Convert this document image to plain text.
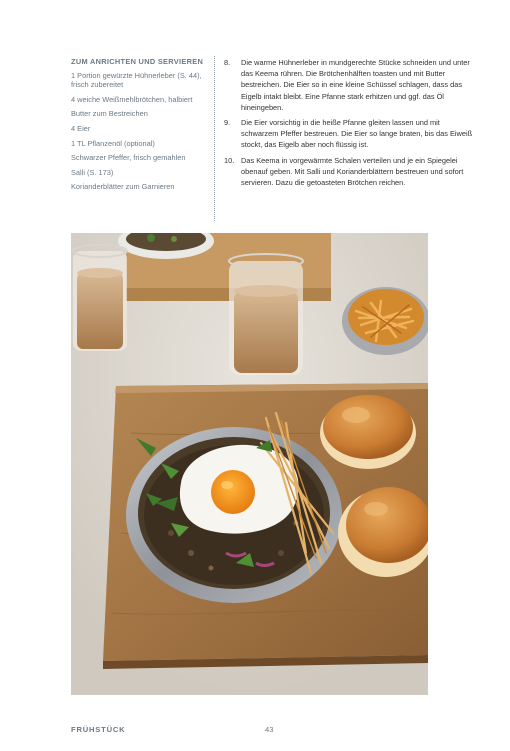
ZUM ANRICHTEN UND SERVIEREN
1 Portion gewürzte Hühnerleber (S. 44), frisch zubereitet
4 weiche Weißmehlbrötchen, halbiert
Butter zum Bestreichen
4 Eier
1 TL Pflanzenöl (optional)
Schwarzer Pfeffer, frisch gemahlen
Salli (S. 173)
Korianderblätter zum Garnieren
8.	Die warme Hühnerleber in mundgerechte Stücke schneiden und unter das Keema rühren. Die Brötchenhälften toasten und mit Butter bestreichen. Die Eier so in eine kleine Schüssel schlagen, dass das Eigelb intakt bleibt. Eine Pfanne stark erhitzen und ggf. das Öl hineingeben.
9.	Die Eier vorsichtig in die heiße Pfanne gleiten lassen und mit schwarzem Pfeffer bestreuen. Die Eier so lange braten, bis das Eiweiß stockt, das Eigelb aber noch flüssig ist.
10. Das Keema in vorgewärmte Schalen verteilen und je ein Spiegelei obenauf geben. Mit Salli und Korianderblättern bestreuen und sofort servieren. Dazu die getoasteten Brötchen reichen.
FRÜHSTÜCK	43
